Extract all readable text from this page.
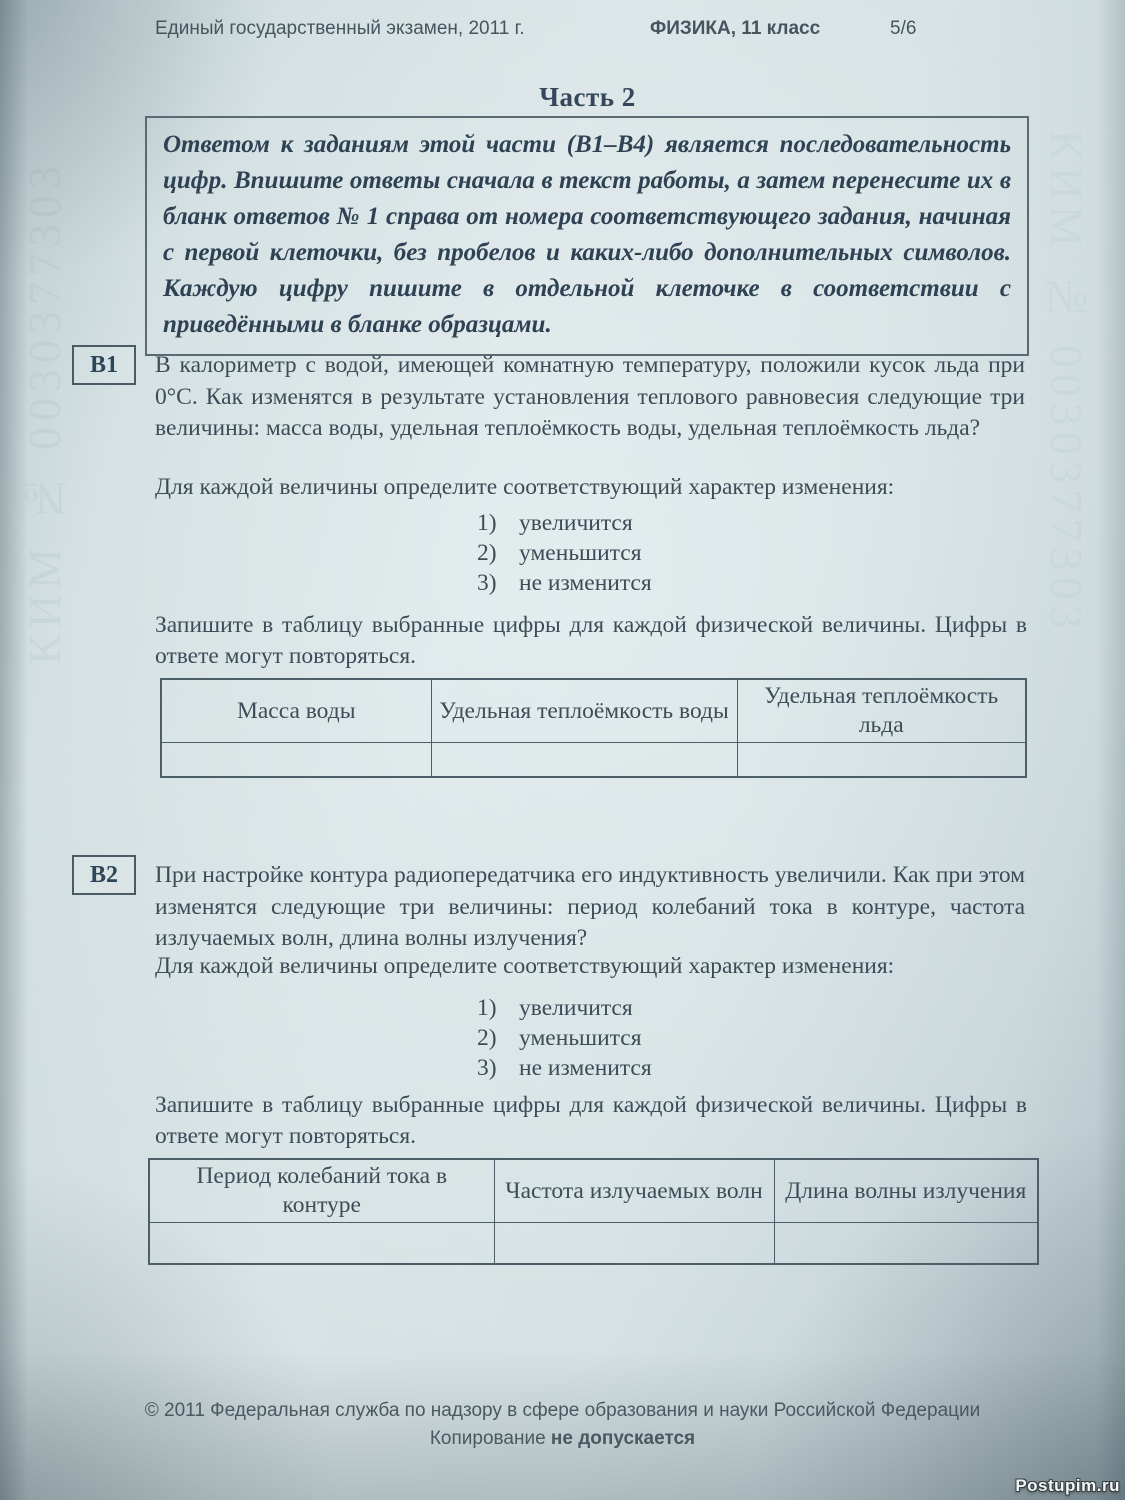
КИМ № 0030377303	КИМ № 0030377303
Единый государственный экзамен, 2011 г.	ФИЗИКА, 11 класс	5/6
Часть 2
Ответом к заданиям этой части (В1–В4) является последовательность цифр. Впишите ответы сначала в текст работы, а затем перенесите их в бланк ответов № 1 справа от номера соответствующего задания, начиная с первой клеточки, без пробелов и каких-либо дополнительных символов. Каждую цифру пишите в отдельной клеточке в соответствии с приведёнными в бланке образцами.
В1	В калориметр с водой, имеющей комнатную температуру, положили кусок льда при 0°С. Как изменятся в результате установления теплового равновесия следующие три величины: масса воды, удельная теплоёмкость воды, удельная теплоёмкость льда?
Для каждой величины определите соответствующий характер изменения:
1) увеличится
2) уменьшится
3) не изменится
Запишите в таблицу выбранные цифры для каждой физической величины. Цифры в ответе могут повторяться.
Масса воды	Удельная теплоёмкость воды	Удельная теплоёмкость льда

В2	При настройке контура радиопередатчика его индуктивность увеличили. Как при этом изменятся следующие три величины: период колебаний тока в контуре, частота излучаемых волн, длина волны излучения?
Для каждой величины определите соответствующий характер изменения:
1) увеличится
2) уменьшится
3) не изменится
Запишите в таблицу выбранные цифры для каждой физической величины. Цифры в ответе могут повторяться.
Период колебаний тока в контуре	Частота излучаемых волн	Длина волны излучения

© 2011 Федеральная служба по надзору в сфере образования и науки Российской Федерации
Копирование не допускается
Postupim.ru
